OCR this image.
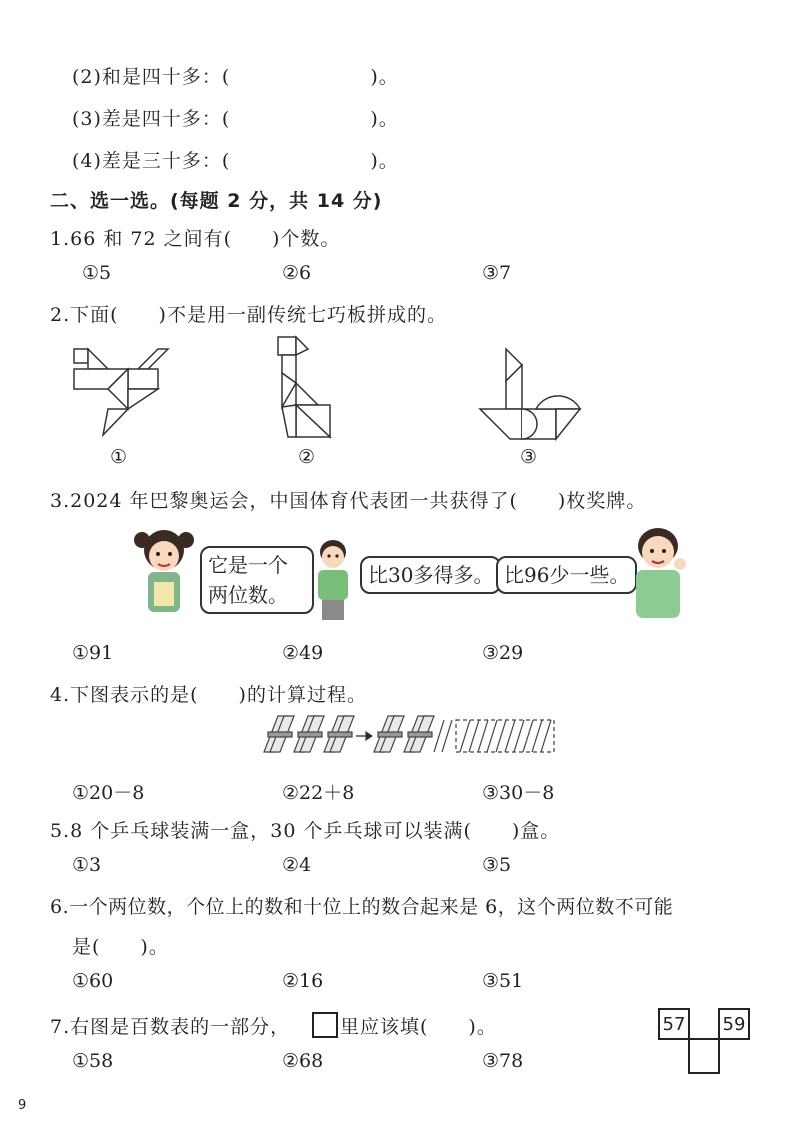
(2)和是四十多：(　　　　　　　)。
(3)差是四十多：(　　　　　　　)。
(4)差是三十多：(　　　　　　　)。
二、选一选。(每题 2 分，共 14 分)
1.66 和 72 之间有(　　)个数。
①5	②6	③7
2.下面(　　)不是用一副传统七巧板拼成的。
①	②	③
3.2024 年巴黎奥运会，中国体育代表团一共获得了(　　)枚奖牌。
它是一个两位数。
比30多得多。 比96少一些。
①91	②49	③29
4.下图表示的是(　　)的计算过程。
①20－8	②22＋8	③30－8
5.8 个乒乓球装满一盒，30 个乒乓球可以装满(　　)盒。
①3	②4	③5
6.一个两位数，个位上的数和十位上的数合起来是 6，这个两位数不可能
是(　　)。
①60	②16	③51
7.右图是百数表的一部分，	里应该填(　　)。	57		59

①58	②68	③78
9
